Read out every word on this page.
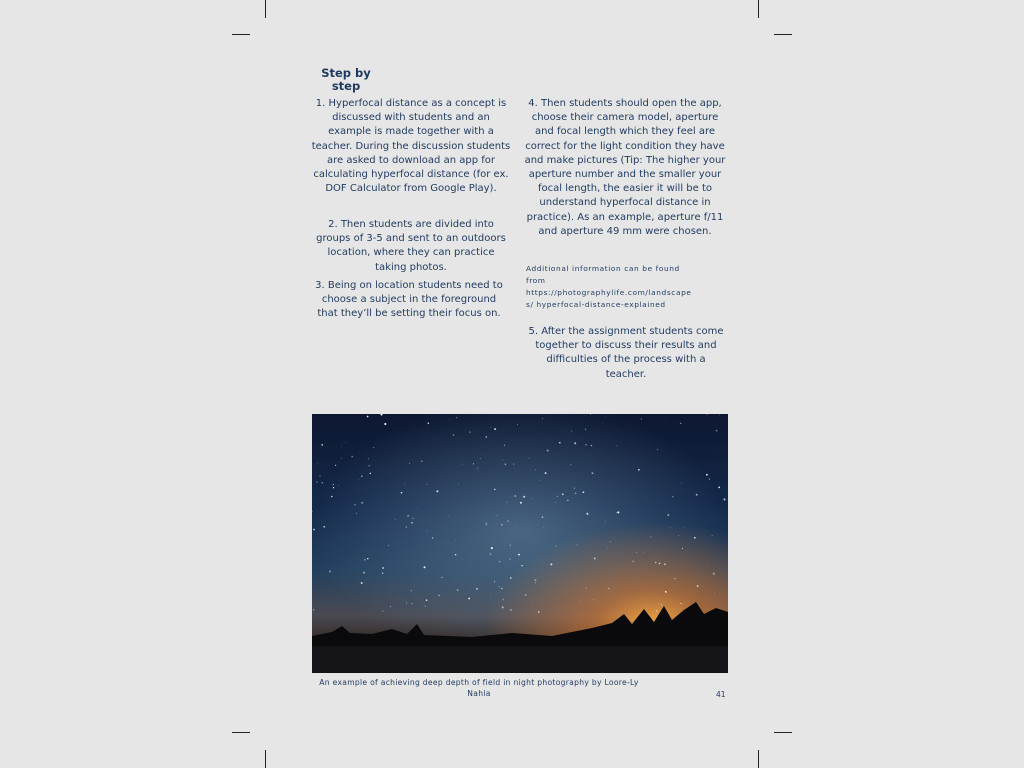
Step by
step
1. Hyperfocal distance as a concept is discussed with students and an example is made together with a teacher. During the discussion students are asked to download an app for calculating hyperfocal distance (for ex. DOF Calculator from Google Play).
2. Then students are divided into groups of 3-5 and sent to an outdoors location, where they can practice taking photos.
3. Being on location students need to choose a subject in the foreground that they’ll be setting their focus on.
4. Then students should open the app, choose their camera model, aperture and focal length which they feel are correct for the light condition they have and make pictures (Tip: The higher your aperture number and the smaller your focal length, the easier it will be to understand hyperfocal distance in practice). As an example, aperture f/11 and aperture 49 mm were chosen.
Additional information can be found
from
https://photographylife.com/landscape
s/ hyperfocal-distance-explained
5. After the assignment students come together to discuss their results and difficulties of the process with a teacher.
An example of achieving deep depth of field in night photography by Loore-Ly Nahla	41
